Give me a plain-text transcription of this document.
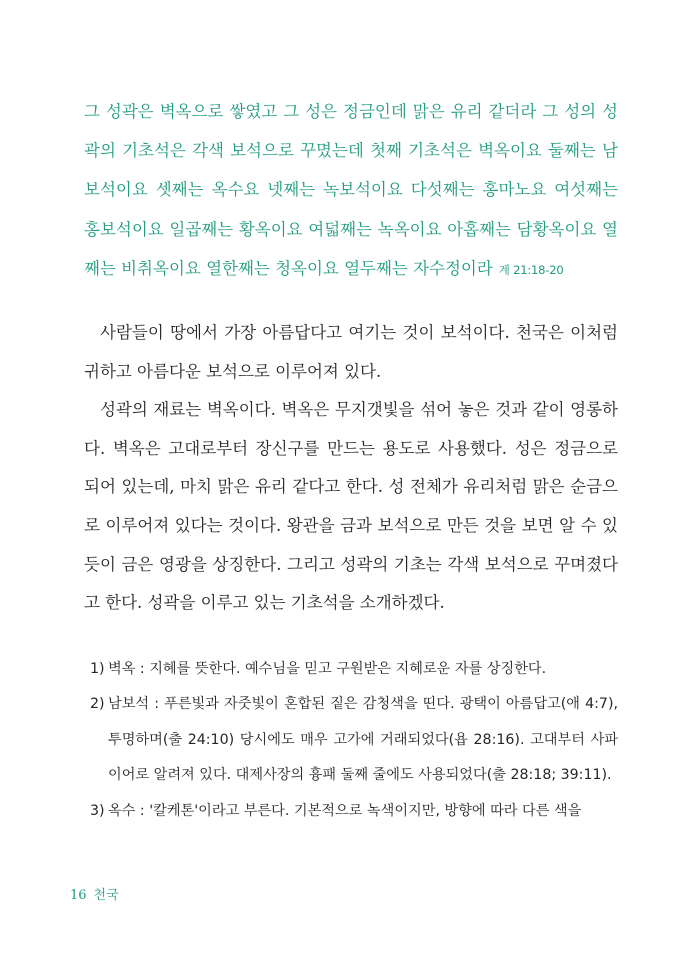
그 성곽은 벽옥으로 쌓였고 그 성은 정금인데 맑은 유리 같더라 그 성의 성곽의 기초석은 각색 보석으로 꾸몄는데 첫째 기초석은 벽옥이요 둘째는 남보석이요 셋째는 옥수요 넷째는 녹보석이요 다섯째는 홍마노요 여섯째는 홍보석이요 일곱째는 황옥이요 여덟째는 녹옥이요 아홉째는 담황옥이요 열째는 비취옥이요 열한째는 청옥이요 열두째는 자수정이라 계 21:18-20

사람들이 땅에서 가장 아름답다고 여기는 것이 보석이다. 천국은 이처럼 귀하고 아름다운 보석으로 이루어져 있다.

성곽의 재료는 벽옥이다. 벽옥은 무지갯빛을 섞어 놓은 것과 같이 영롱하다. 벽옥은 고대로부터 장신구를 만드는 용도로 사용했다. 성은 정금으로 되어 있는데, 마치 맑은 유리 같다고 한다. 성 전체가 유리처럼 맑은 순금으로 이루어져 있다는 것이다. 왕관을 금과 보석으로 만든 것을 보면 알 수 있듯이 금은 영광을 상징한다. 그리고 성곽의 기초는 각색 보석으로 꾸며졌다고 한다. 성곽을 이루고 있는 기초석을 소개하겠다.

1) 벽옥 : 지혜를 뜻한다. 예수님을 믿고 구원받은 지혜로운 자를 상징한다.
2) 남보석 : 푸른빛과 자줏빛이 혼합된 짙은 감청색을 띤다. 광택이 아름답고(애 4:7), 투명하며(출 24:10) 당시에도 매우 고가에 거래되었다(욥 28:16). 고대부터 사파이어로 알려져 있다. 대제사장의 흉패 둘째 줄에도 사용되었다(출 28:18; 39:11).
3) 옥수 : '칼케톤'이라고 부른다. 기본적으로 녹색이지만, 방향에 따라 다른 색을
16 천국
